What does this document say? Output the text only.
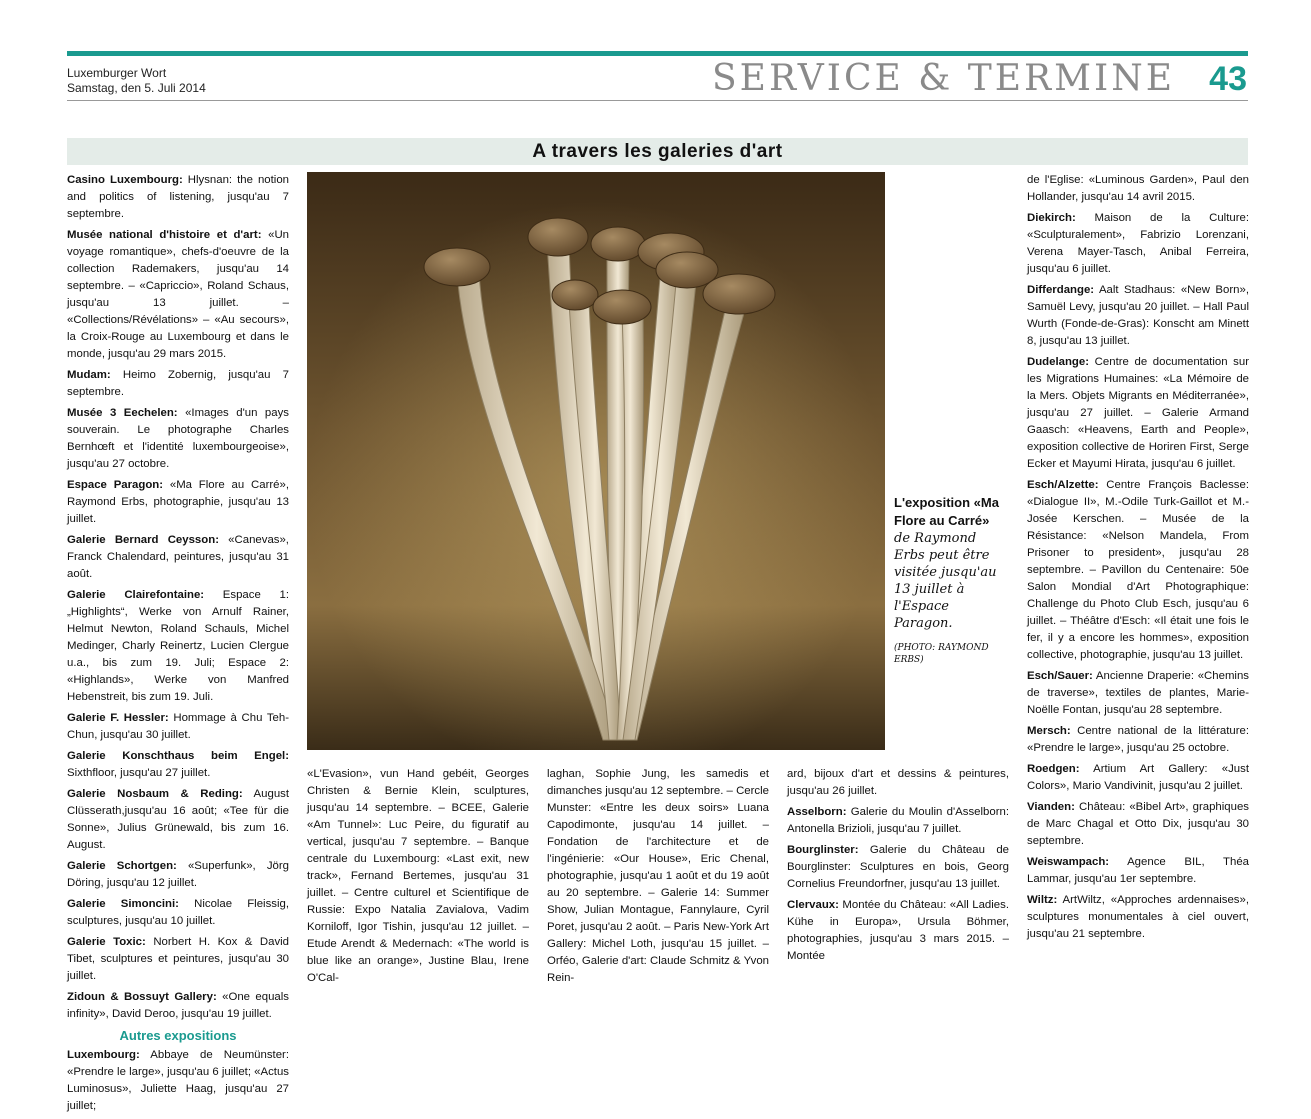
Luxemburger Wort
Samstag, den 5. Juli 2014	SERVICE & TERMINE 43
A travers les galeries d'art

Casino Luxembourg: Hlysnan: the notion and politics of listening, jusqu'au 7 septembre.

Musée national d'histoire et d'art: «Un voyage romantique», chefs-d'oeuvre de la collection Rademakers, jusqu'au 14 septembre. – «Capriccio», Roland Schaus, jusqu'au 13 juillet. – «Collections/Révélations» – «Au secours», la Croix-Rouge au Luxembourg et dans le monde, jusqu'au 29 mars 2015.

Mudam: Heimo Zobernig, jusqu'au 7 septembre.

Musée 3 Eechelen: «Images d'un pays souverain. Le photographe Charles Bernhœft et l'identité luxembourgeoise», jusqu'au 27 octobre.

Espace Paragon: «Ma Flore au Carré», Raymond Erbs, photographie, jusqu'au 13 juillet.

Galerie Bernard Ceysson: «Canevas», Franck Chalendard, peintures, jusqu'au 31 août.

Galerie Clairefontaine: Espace 1: „Highlights“, Werke von Arnulf Rainer, Helmut Newton, Roland Schauls, Michel Medinger, Charly Reinertz, Lucien Clergue u.a., bis zum 19. Juli; Espace 2: «Highlands», Werke von Manfred Hebenstreit, bis zum 19. Juli.

Galerie F. Hessler: Hommage à Chu Teh-Chun, jusqu'au 30 juillet.

Galerie Konschthaus beim Engel: Sixthfloor, jusqu'au 27 juillet.

Galerie Nosbaum & Reding: August Clüsserath,jusqu'au 16 août; «Tee für die Sonne», Julius Grünewald, bis zum 16. August.

Galerie Schortgen: «Superfunk», Jörg Döring, jusqu'au 12 juillet.

Galerie Simoncini: Nicolae Fleissig, sculptures, jusqu'au 10 juillet.

Galerie Toxic: Norbert H. Kox & David Tibet, sculptures et peintures, jusqu'au 30 juillet.

Zidoun & Bossuyt Gallery: «One equals infinity», David Deroo, jusqu'au 19 juillet.

Autres expositions

Luxembourg: Abbaye de Neumünster: «Prendre le large», jusqu'au 6 juillet; «Actus Luminosus», Juliette Haag, jusqu'au 27 juillet;

«L'Evasion», vun Hand gebéit, Georges Christen & Bernie Klein, sculptures, jusqu'au 14 septembre. – BCEE, Galerie «Am Tunnel»: Luc Peire, du figuratif au vertical, jusqu'au 7 septembre. – Banque centrale du Luxembourg: «Last exit, new track», Fernand Bertemes, jusqu'au 31 juillet. – Centre culturel et Scientifique de Russie: Expo Natalia Zavialova, Vadim Korniloff, Igor Tishin, jusqu'au 12 juillet. – Etude Arendt & Medernach: «The world is blue like an orange», Justine Blau, Irene O'Cal-

laghan, Sophie Jung, les samedis et dimanches jusqu'au 12 septembre. – Cercle Munster: «Entre les deux soirs» Luana Capodimonte, jusqu'au 14 juillet. – Fondation de l'architecture et de l'ingénierie: «Our House», Eric Chenal, photographie, jusqu'au 1 août et du 19 août au 20 septembre. – Galerie 14: Summer Show, Julian Montague, Fannylaure, Cyril Poret, jusqu'au 2 août. – Paris New-York Art Gallery: Michel Loth, jusqu'au 15 juillet. – Orféo, Galerie d'art: Claude Schmitz & Yvon Rein-

ard, bijoux d'art et dessins & peintures, jusqu'au 26 juillet.

Asselborn: Galerie du Moulin d'Asselborn: Antonella Brizioli, jusqu'au 7 juillet.

Bourglinster: Galerie du Château de Bourglinster: Sculptures en bois, Georg Cornelius Freundorfner, jusqu'au 13 juillet.

Clervaux: Montée du Château: «All Ladies. Kühe in Europa», Ursula Böhmer, photographies, jusqu'au 3 mars 2015. – Montée

de l'Eglise: «Luminous Garden», Paul den Hollander, jusqu'au 14 avril 2015.

Diekirch: Maison de la Culture: «Sculpturalement», Fabrizio Lorenzani, Verena Mayer-Tasch, Anibal Ferreira, jusqu'au 6 juillet.

Differdange: Aalt Stadhaus: «New Born», Samuël Levy, jusqu'au 20 juillet. – Hall Paul Wurth (Fonde-de-Gras): Konscht am Minett 8, jusqu'au 13 juillet.

Dudelange: Centre de documentation sur les Migrations Humaines: «La Mémoire de la Mers. Objets Migrants en Méditerranée», jusqu'au 27 juillet. – Galerie Armand Gaasch: «Heavens, Earth and People», exposition collective de Horiren First, Serge Ecker et Mayumi Hirata, jusqu'au 6 juillet.

Esch/Alzette: Centre François Baclesse: «Dialogue II», M.-Odile Turk-Gaillot et M.-Josée Kerschen. – Musée de la Résistance: «Nelson Mandela, From Prisoner to president», jusqu'au 28 septembre. – Pavillon du Centenaire: 50e Salon Mondial d'Art Photographique: Challenge du Photo Club Esch, jusqu'au 6 juillet. – Théâtre d'Esch: «Il était une fois le fer, il y a encore les hommes», exposition collective, photographie, jusqu'au 13 juillet.

Esch/Sauer: Ancienne Draperie: «Chemins de traverse», textiles de plantes, Marie-Noëlle Fontan, jusqu'au 28 septembre.

Mersch: Centre national de la littérature: «Prendre le large», jusqu'au 25 octobre.

Roedgen: Artium Art Gallery: «Just Colors», Mario Vandivinit, jusqu'au 2 juillet.

Vianden: Château: «Bibel Art», graphiques de Marc Chagal et Otto Dix, jusqu'au 30 septembre.

Weiswampach: Agence BIL, Théa Lammar, jusqu'au 1er septembre.

Wiltz: ArtWiltz, «Approches ardennaises», sculptures monumentales à ciel ouvert, jusqu'au 21 septembre.

L'exposition «Ma Flore au Carré» de Raymond Erbs peut être visitée jusqu'au 13 juillet à l'Espace Paragon.
(PHOTO: RAYMOND ERBS)
